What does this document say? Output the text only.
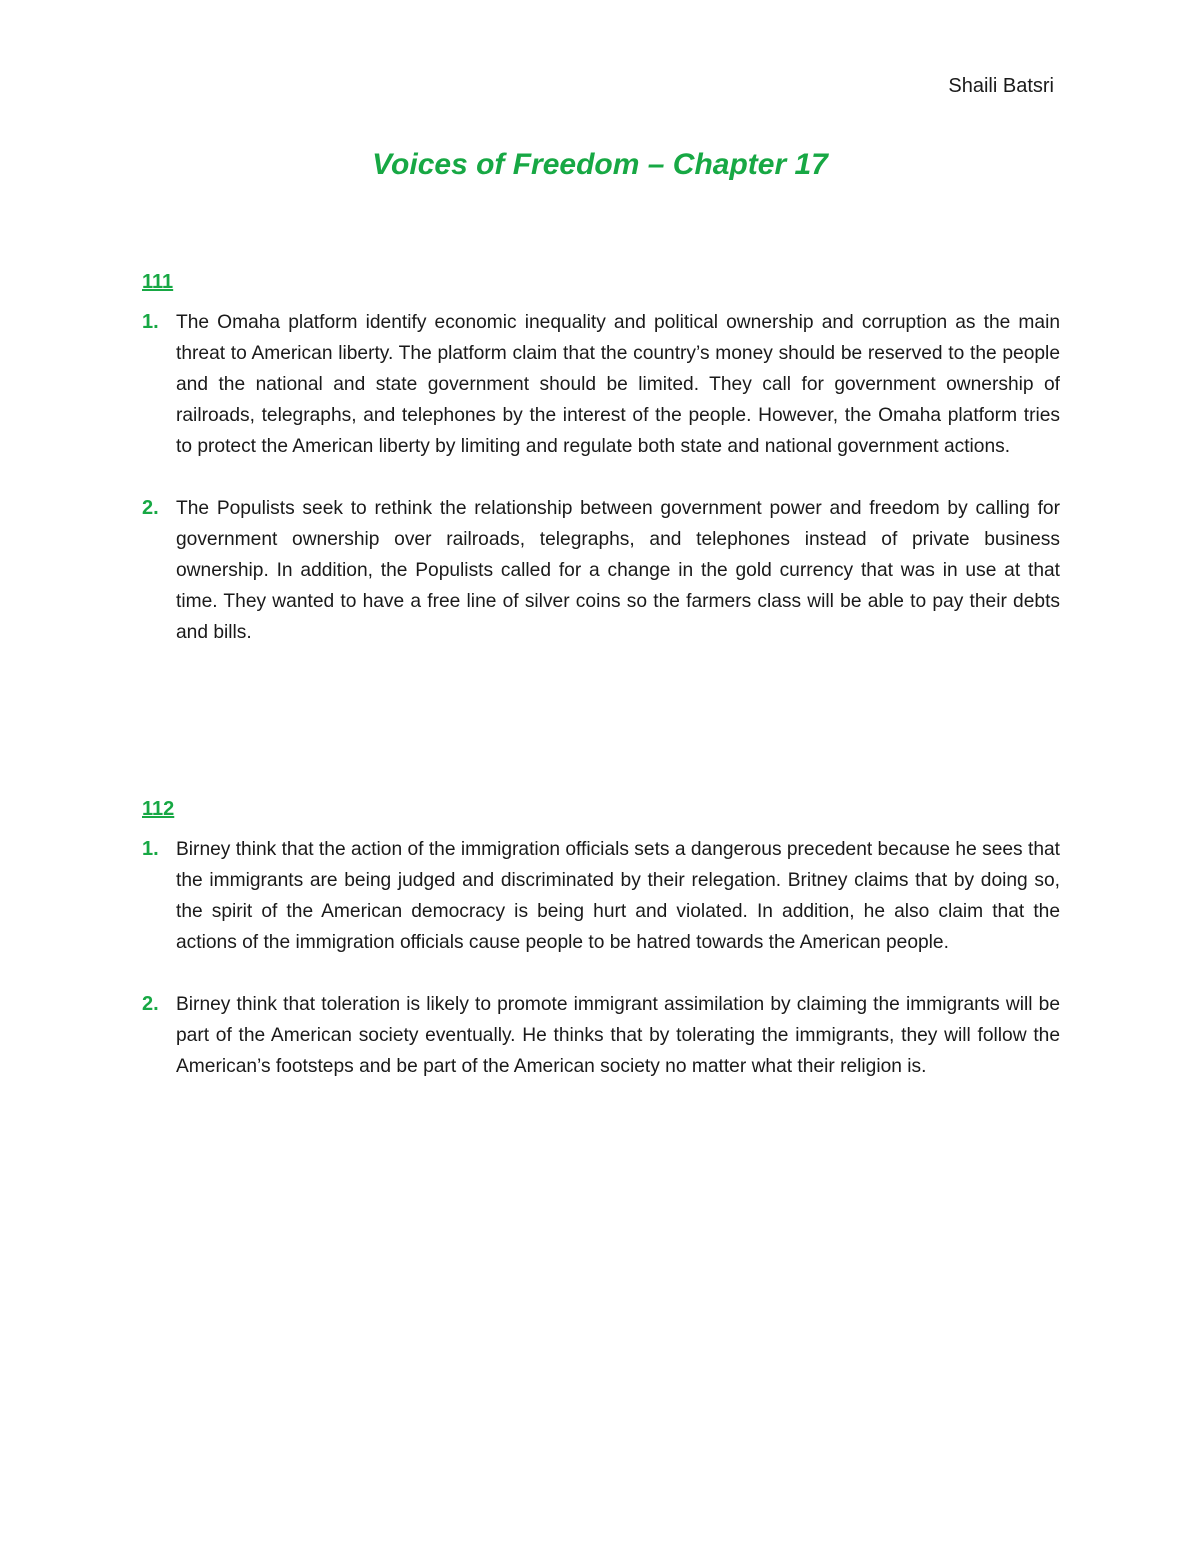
Shaili Batsri
Voices of Freedom – Chapter 17
111
1. The Omaha platform identify economic inequality and political ownership and corruption as the main threat to American liberty. The platform claim that the country’s money should be reserved to the people and the national and state government should be limited. They call for government ownership of railroads, telegraphs, and telephones by the interest of the people. However, the Omaha platform tries to protect the American liberty by limiting and regulate both state and national government actions.
2. The Populists seek to rethink the relationship between government power and freedom by calling for government ownership over railroads, telegraphs, and telephones instead of private business ownership. In addition, the Populists called for a change in the gold currency that was in use at that time. They wanted to have a free line of silver coins so the farmers class will be able to pay their debts and bills.
112
1. Birney think that the action of the immigration officials sets a dangerous precedent because he sees that the immigrants are being judged and discriminated by their relegation. Britney claims that by doing so, the spirit of the American democracy is being hurt and violated. In addition, he also claim that the actions of the immigration officials cause people to be hatred towards the American people.
2. Birney think that toleration is likely to promote immigrant assimilation by claiming the immigrants will be part of the American society eventually. He thinks that by tolerating the immigrants, they will follow the American’s footsteps and be part of the American society no matter what their religion is.
